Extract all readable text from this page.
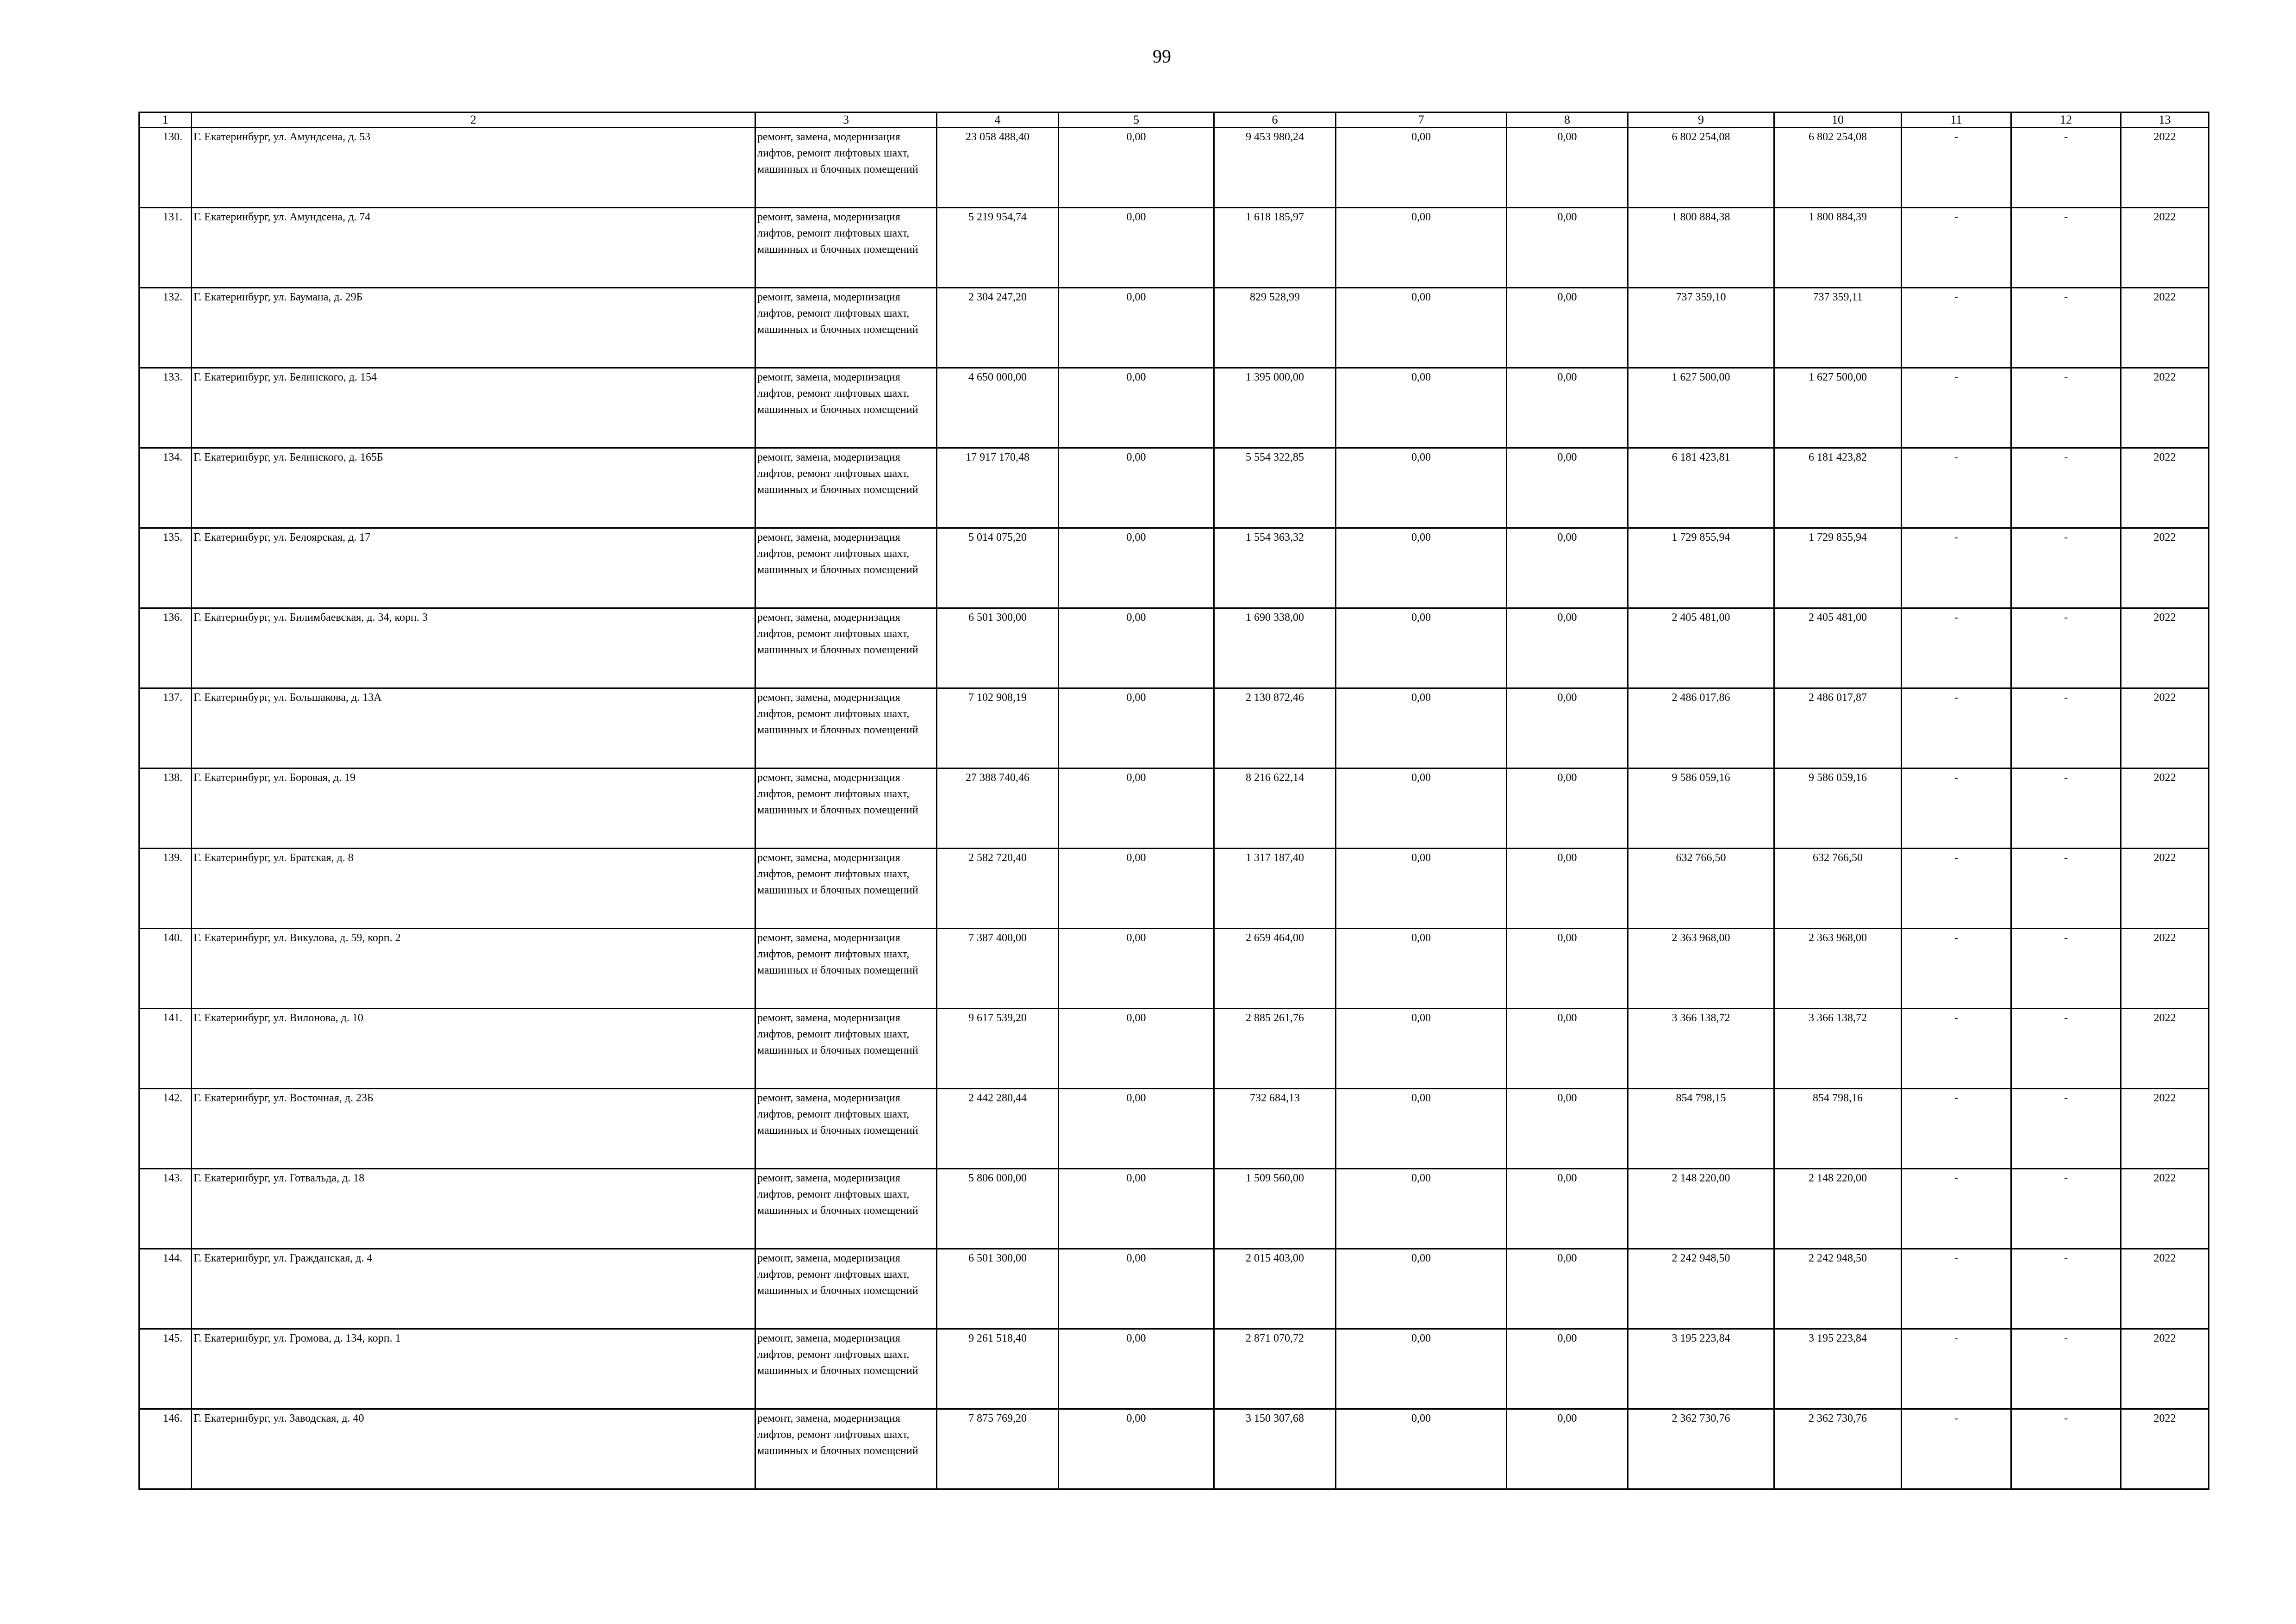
99
1	2	3	4	5	6	7	8	9	10	11	12	13
130.	Г. Екатеринбург, ул. Амундсена, д. 53	ремонт, замена, модернизация лифтов, ремонт лифтовых шахт, машинных и блочных помещений	23 058 488,40	0,00	9 453 980,24	0,00	0,00	6 802 254,08	6 802 254,08	-	-	2022
131.	Г. Екатеринбург, ул. Амундсена, д. 74	ремонт, замена, модернизация лифтов, ремонт лифтовых шахт, машинных и блочных помещений	5 219 954,74	0,00	1 618 185,97	0,00	0,00	1 800 884,38	1 800 884,39	-	-	2022
132.	Г. Екатеринбург, ул. Баумана, д. 29Б	ремонт, замена, модернизация лифтов, ремонт лифтовых шахт, машинных и блочных помещений	2 304 247,20	0,00	829 528,99	0,00	0,00	737 359,10	737 359,11	-	-	2022
133.	Г. Екатеринбург, ул. Белинского, д. 154	ремонт, замена, модернизация лифтов, ремонт лифтовых шахт, машинных и блочных помещений	4 650 000,00	0,00	1 395 000,00	0,00	0,00	1 627 500,00	1 627 500,00	-	-	2022
134.	Г. Екатеринбург, ул. Белинского, д. 165Б	ремонт, замена, модернизация лифтов, ремонт лифтовых шахт, машинных и блочных помещений	17 917 170,48	0,00	5 554 322,85	0,00	0,00	6 181 423,81	6 181 423,82	-	-	2022
135.	Г. Екатеринбург, ул. Белоярская, д. 17	ремонт, замена, модернизация лифтов, ремонт лифтовых шахт, машинных и блочных помещений	5 014 075,20	0,00	1 554 363,32	0,00	0,00	1 729 855,94	1 729 855,94	-	-	2022
136.	Г. Екатеринбург, ул. Билимбаевская, д. 34, корп. 3	ремонт, замена, модернизация лифтов, ремонт лифтовых шахт, машинных и блочных помещений	6 501 300,00	0,00	1 690 338,00	0,00	0,00	2 405 481,00	2 405 481,00	-	-	2022
137.	Г. Екатеринбург, ул. Большакова, д. 13А	ремонт, замена, модернизация лифтов, ремонт лифтовых шахт, машинных и блочных помещений	7 102 908,19	0,00	2 130 872,46	0,00	0,00	2 486 017,86	2 486 017,87	-	-	2022
138.	Г. Екатеринбург, ул. Боровая, д. 19	ремонт, замена, модернизация лифтов, ремонт лифтовых шахт, машинных и блочных помещений	27 388 740,46	0,00	8 216 622,14	0,00	0,00	9 586 059,16	9 586 059,16	-	-	2022
139.	Г. Екатеринбург, ул. Братская, д. 8	ремонт, замена, модернизация лифтов, ремонт лифтовых шахт, машинных и блочных помещений	2 582 720,40	0,00	1 317 187,40	0,00	0,00	632 766,50	632 766,50	-	-	2022
140.	Г. Екатеринбург, ул. Викулова, д. 59, корп. 2	ремонт, замена, модернизация лифтов, ремонт лифтовых шахт, машинных и блочных помещений	7 387 400,00	0,00	2 659 464,00	0,00	0,00	2 363 968,00	2 363 968,00	-	-	2022
141.	Г. Екатеринбург, ул. Вилонова, д. 10	ремонт, замена, модернизация лифтов, ремонт лифтовых шахт, машинных и блочных помещений	9 617 539,20	0,00	2 885 261,76	0,00	0,00	3 366 138,72	3 366 138,72	-	-	2022
142.	Г. Екатеринбург, ул. Восточная, д. 23Б	ремонт, замена, модернизация лифтов, ремонт лифтовых шахт, машинных и блочных помещений	2 442 280,44	0,00	732 684,13	0,00	0,00	854 798,15	854 798,16	-	-	2022
143.	Г. Екатеринбург, ул. Готвальда, д. 18	ремонт, замена, модернизация лифтов, ремонт лифтовых шахт, машинных и блочных помещений	5 806 000,00	0,00	1 509 560,00	0,00	0,00	2 148 220,00	2 148 220,00	-	-	2022
144.	Г. Екатеринбург, ул. Гражданская, д. 4	ремонт, замена, модернизация лифтов, ремонт лифтовых шахт, машинных и блочных помещений	6 501 300,00	0,00	2 015 403,00	0,00	0,00	2 242 948,50	2 242 948,50	-	-	2022
145.	Г. Екатеринбург, ул. Громова, д. 134, корп. 1	ремонт, замена, модернизация лифтов, ремонт лифтовых шахт, машинных и блочных помещений	9 261 518,40	0,00	2 871 070,72	0,00	0,00	3 195 223,84	3 195 223,84	-	-	2022
146.	Г. Екатеринбург, ул. Заводская, д. 40	ремонт, замена, модернизация лифтов, ремонт лифтовых шахт, машинных и блочных помещений	7 875 769,20	0,00	3 150 307,68	0,00	0,00	2 362 730,76	2 362 730,76	-	-	2022
